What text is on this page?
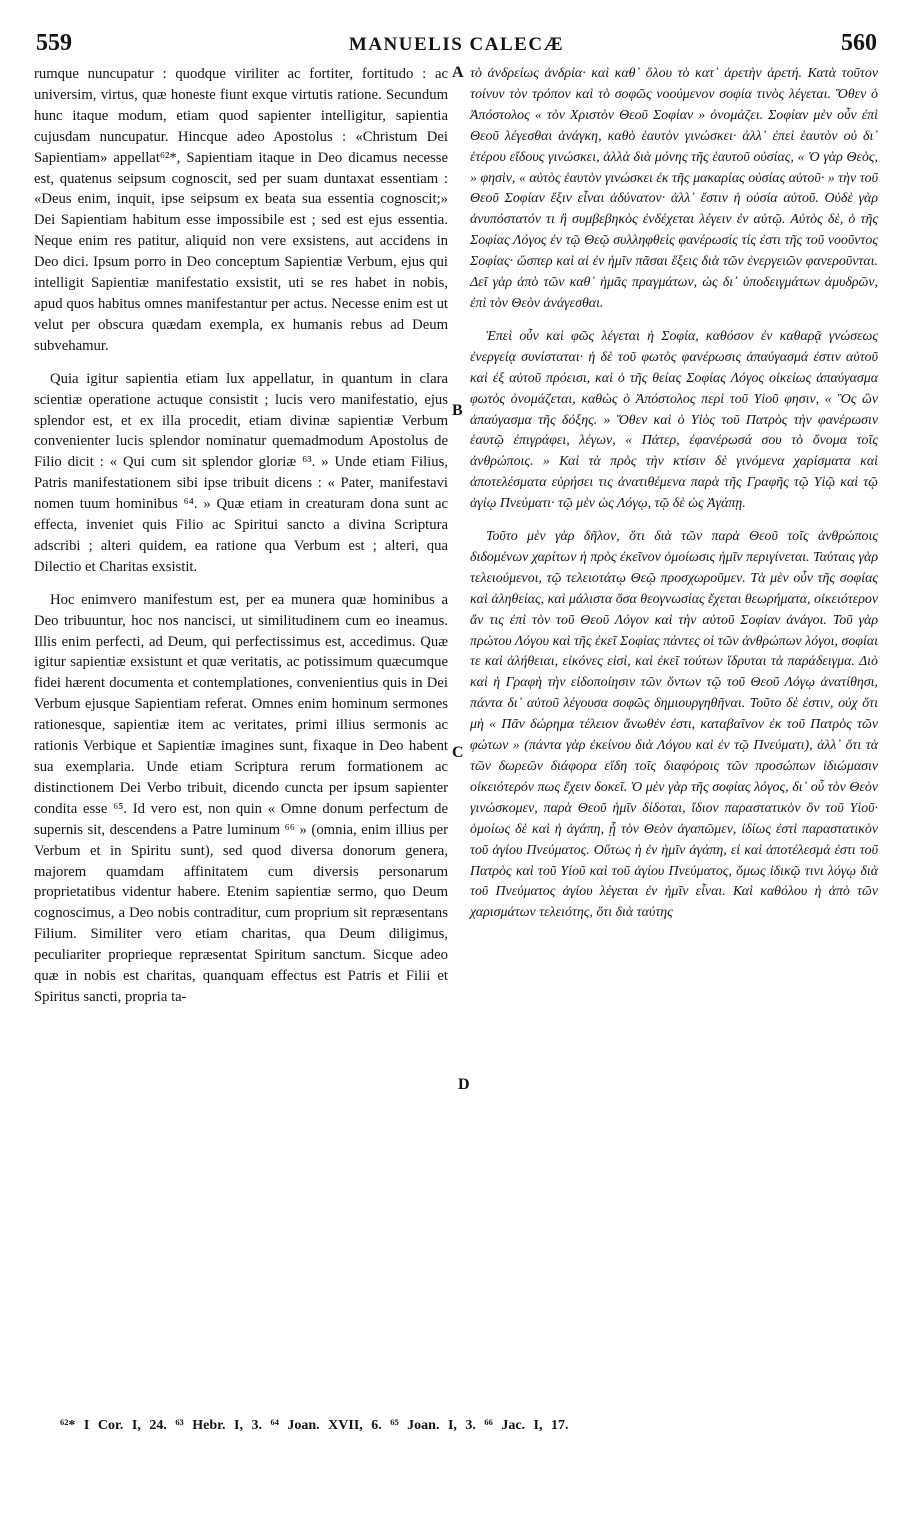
559	MANUELIS CALECÆ	560

rumque nuncupatur : quodque viriliter ac fortiter, fortitudo : ac universim, virtus, quæ honeste fiunt exque virtutis ratione. Secundum hunc itaque modum, etiam quod sapienter intelligitur, sapientia cujusdam nuncupatur. Hincque adeo Apostolus : «Christum Dei Sapientiam» appellat⁶²*, Sapientiam itaque in Deo dicamus necesse est, quatenus seipsum cognoscit, sed per suam duntaxat essentiam : «Deus enim, inquit, ipse seipsum ex beata sua essentia cognoscit;» Dei Sapientiam habitum esse impossibile est ; sed est ejus essentia. Neque enim res patitur, aliquid non vere exsistens, aut accidens in Deo dici. Ipsum porro in Deo conceptum Sapientiæ Verbum, ejus qui intelligit Sapientiæ manifestatio exsistit, uti se res habet in nobis, apud quos habitus omnes manifestantur per actus. Necesse enim est ut velut per obscura quædam exempla, ex humanis rebus ad Deum subvehamur.

Quia igitur sapientia etiam lux appellatur, in quantum in clara scientiæ operatione actuque consistit ; lucis vero manifestatio, ejus splendor est, et ex illa procedit, etiam divinæ sapientiæ Verbum convenienter lucis splendor nominatur quemadmodum Apostolus de Filio dicit : « Qui cum sit splendor gloriæ ⁶³. » Unde etiam Filius, Patris manifestationem sibi ipse tribuit dicens : « Pater, manifestavi nomen tuum hominibus ⁶⁴. » Quæ etiam in creaturam dona sunt ac effecta, inveniet quis Filio ac Spiritui sancto a divina Scriptura adscribi ; alteri quidem, ea ratione qua Verbum est ; alteri, qua Dilectio et Charitas exsistit.

Hoc enimvero manifestum est, per ea munera quæ hominibus a Deo tribuuntur, hoc nos nancisci, ut similitudinem cum eo ineamus. Illis enim perfecti, ad Deum, qui perfectissimus est, accedimus. Quæ igitur sapientiæ exsistunt et quæ veritatis, ac potissimum quæcumque fidei hærent documenta et contemplationes, convenientius quis in Dei Verbum ejusque Sapientiam referat. Omnes enim hominum sermones rationesque, sapientiæ item ac veritates, primi illius sermonis ac rationis Verbique et Sapientiæ imagines sunt, fixaque in Deo habent sua exemplaria. Unde etiam Scriptura rerum formationem ac distinctionem Dei Verbo tribuit, dicendo cuncta per ipsum sapienter condita esse ⁶⁵. Id vero est, non quin « Omne donum perfectum de supernis sit, descendens a Patre luminum ⁶⁶ » (omnia, enim illius per Verbum et in Spiritu sunt), sed quod diversa donorum genera, majorem quamdam affinitatem cum diversis personarum proprietatibus videntur habere. Etenim sapientiæ sermo, quo Deum cognoscimus, a Deo nobis contraditur, cum proprium sit repræsentans Filium. Similiter vero etiam charitas, qua Deum diligimus, peculiariter proprieque repræsentat Spiritum sanctum. Sicque adeo quæ in nobis est charitas, quanquam effectus est Patris et Filii et Spiritus sancti, propria ta-

A
B
C
D

τὸ ἀνδρείως ἀνδρία· καὶ καθ᾽ ὅλου τὸ κατ᾽ ἀρετὴν ἀρετή. Κατὰ τοῦτον τοίνυν τὸν τρόπον καὶ τὸ σοφῶς νοούμενον σοφία τινὸς λέγεται. Ὅθεν ὁ Ἀπόστολος « τὸν Χριστὸν Θεοῦ Σοφίαν » ὀνομάζει. Σοφίαν μὲν οὖν ἐπὶ Θεοῦ λέγεσθαι ἀνάγκη, καθὸ ἑαυτὸν γινώσκει· ἀλλ᾽ ἐπεὶ ἑαυτὸν οὐ δι᾽ ἑτέρου εἴδους γινώσκει, ἀλλὰ διὰ μόνης τῆς ἑαυτοῦ οὐσίας, « Ὁ γὰρ Θεὸς, » φησὶν, « αὐτὸς ἑαυτὸν γινώσκει ἐκ τῆς μακαρίας οὐσίας αὐτοῦ· » τὴν τοῦ Θεοῦ Σοφίαν ἕξιν εἶναι ἀδύνατον· ἀλλ᾽ ἔστιν ἡ οὐσία αὐτοῦ. Οὐδὲ γὰρ ἀνυπόστατόν τι ἢ συμβεβηκὸς ἐνδέχεται λέγειν ἐν αὐτῷ. Αὐτὸς δὲ, ὁ τῆς Σοφίας Λόγος ἐν τῷ Θεῷ συλληφθεὶς φανέρωσίς τίς ἐστι τῆς τοῦ νοοῦντος Σοφίας· ὥσπερ καὶ αἱ ἐν ἡμῖν πᾶσαι ἕξεις διὰ τῶν ἐνεργειῶν φανεροῦνται. Δεῖ γὰρ ἀπὸ τῶν καθ᾽ ἡμᾶς πραγμάτων, ὡς δι᾽ ὑποδειγμάτων ἀμυδρῶν, ἐπὶ τὸν Θεὸν ἀνάγεσθαι.

Ἐπεὶ οὖν καὶ φῶς λέγεται ἡ Σοφία, καθόσον ἐν καθαρᾷ γνώσεως ἐνεργείᾳ συνίσταται· ἡ δὲ τοῦ φωτὸς φανέρωσις ἀπαύγασμά ἐστιν αὐτοῦ καὶ ἐξ αὐτοῦ πρόεισι, καὶ ὁ τῆς θείας Σοφίας Λόγος οἰκείως ἀπαύγασμα φωτὸς ὀνομάζεται, καθὼς ὁ Ἀπόστολος περὶ τοῦ Υἱοῦ φησιν, « Ὃς ὢν ἀπαύγασμα τῆς δόξης. » Ὅθεν καὶ ὁ Υἱὸς τοῦ Πατρὸς τὴν φανέρωσιν ἑαυτῷ ἐπιγράφει, λέγων, « Πάτερ, ἐφανέρωσά σου τὸ ὄνομα τοῖς ἀνθρώποις. » Καὶ τὰ πρὸς τὴν κτίσιν δὲ γινόμενα χαρίσματα καὶ ἀποτελέσματα εὑρήσει τις ἀνατιθέμενα παρὰ τῆς Γραφῆς τῷ Υἱῷ καὶ τῷ ἁγίῳ Πνεύματι· τῷ μὲν ὡς Λόγῳ, τῷ δὲ ὡς Ἀγάπῃ.

Τοῦτο μὲν γὰρ δῆλον, ὅτι διὰ τῶν παρὰ Θεοῦ τοῖς ἀνθρώποις διδομένων χαρίτων ἡ πρὸς ἐκεῖνον ὁμοίωσις ἡμῖν περιγίνεται. Ταύταις γὰρ τελειούμενοι, τῷ τελειοτάτῳ Θεῷ προσχωροῦμεν. Τὰ μὲν οὖν τῆς σοφίας καὶ ἀληθείας, καὶ μάλιστα ὅσα θεογνωσίας ἔχεται θεωρήματα, οἰκειότερον ἄν τις ἐπὶ τὸν τοῦ Θεοῦ Λόγον καὶ τὴν αὐτοῦ Σοφίαν ἀνάγοι. Τοῦ γὰρ πρώτου Λόγου καὶ τῆς ἐκεῖ Σοφίας πάντες οἱ τῶν ἀνθρώπων λόγοι, σοφίαι τε καὶ ἀλήθειαι, εἰκόνες εἰσὶ, καὶ ἐκεῖ τούτων ἵδρυται τὰ παράδειγμα. Διὸ καὶ ἡ Γραφὴ τὴν εἰδοποίησιν τῶν ὄντων τῷ τοῦ Θεοῦ Λόγῳ ἀνατίθησι, πάντα δι᾽ αὐτοῦ λέγουσα σοφῶς δημιουργηθῆναι. Τοῦτο δὲ ἐστιν, οὐχ ὅτι μὴ « Πᾶν δώρημα τέλειον ἄνωθέν ἐστι, καταβαῖνον ἐκ τοῦ Πατρὸς τῶν φώτων » (πάντα γὰρ ἐκείνου διὰ Λόγου καὶ ἐν τῷ Πνεύματι), ἀλλ᾽ ὅτι τὰ τῶν δωρεῶν διάφορα εἴδη τοῖς διαφόροις τῶν προσώπων ἰδιώμασιν οἰκειότερόν πως ἔχειν δοκεῖ. Ὁ μὲν γὰρ τῆς σοφίας λόγος, δι᾽ οὗ τὸν Θεὸν γινώσκομεν, παρὰ Θεοῦ ἡμῖν δίδοται, ἴδιον παραστατικὸν ὂν τοῦ Υἱοῦ· ὁμοίως δὲ καὶ ἡ ἀγάπη, ᾗ τὸν Θεὸν ἀγαπῶμεν, ἰδίως ἐστὶ παραστατικὸν τοῦ ἁγίου Πνεύματος. Οὕτως ἡ ἐν ἡμῖν ἀγάπη, εἰ καὶ ἀποτέλεσμά ἐστι τοῦ Πατρὸς καὶ τοῦ Υἱοῦ καὶ τοῦ ἁγίου Πνεύματος, ὅμως ἰδικῷ τινι λόγῳ διὰ τοῦ Πνεύματος ἁγίου λέγεται ἐν ἡμῖν εἶναι. Καὶ καθόλου ἡ ἀπὸ τῶν χαρισμάτων τελειότης, ὅτι διὰ ταύτης

⁶²* I Cor. I, 24. ⁶³ Hebr. I, 3. ⁶⁴ Joan. XVII, 6. ⁶⁵ Joan. I, 3. ⁶⁶ Jac. I, 17.
